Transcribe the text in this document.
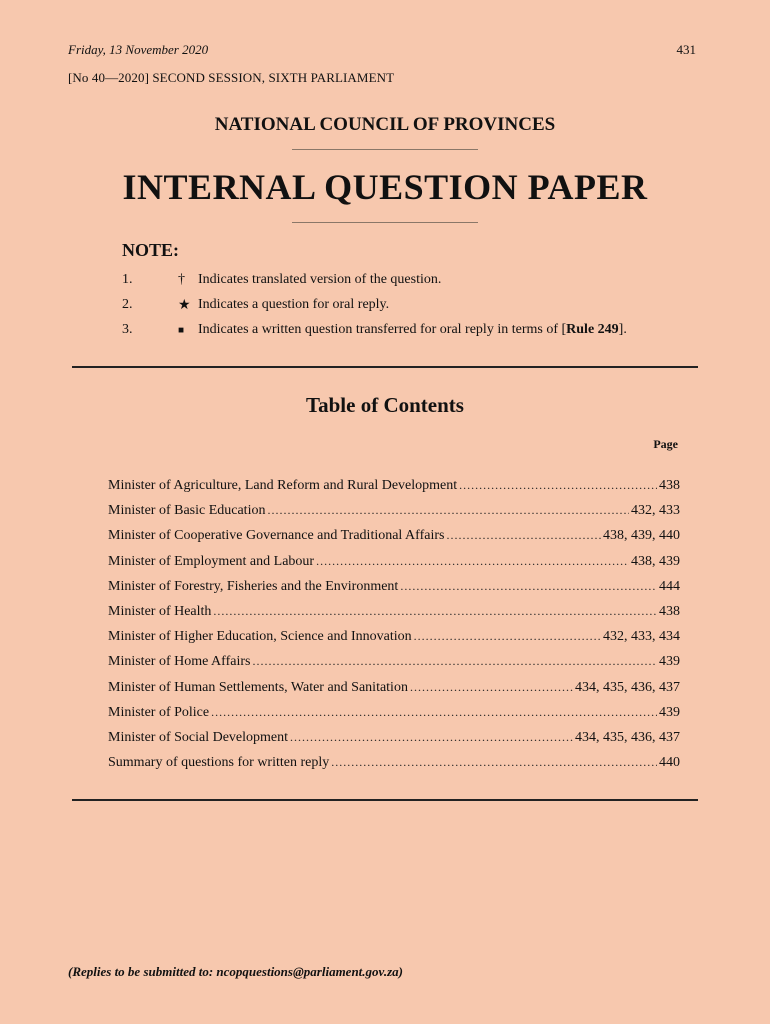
Friday, 13 November 2020	431
[No 40—2020] SECOND SESSION, SIXTH PARLIAMENT
NATIONAL COUNCIL OF PROVINCES
INTERNAL QUESTION PAPER
NOTE:
1.	† Indicates translated version of the question.
2.	★ Indicates a question for oral reply.
3.	■ Indicates a written question transferred for oral reply in terms of [Rule 249].
Table of Contents
Page
Minister of Agriculture, Land Reform and Rural Development .....	438
Minister of Basic Education .....	432, 433
Minister of Cooperative Governance and Traditional Affairs .....	438, 439, 440
Minister of Employment and Labour .....	438, 439
Minister of Forestry, Fisheries and the Environment .....	444
Minister of Health .....	438
Minister of Higher Education, Science and Innovation .....	432, 433, 434
Minister of Home Affairs .....	439
Minister of Human Settlements, Water and Sanitation .....	434, 435, 436, 437
Minister of Police .....	439
Minister of Social Development .....	434, 435, 436, 437
Summary of questions for written reply .....	440
(Replies to be submitted to: ncopquestions@parliament.gov.za)
